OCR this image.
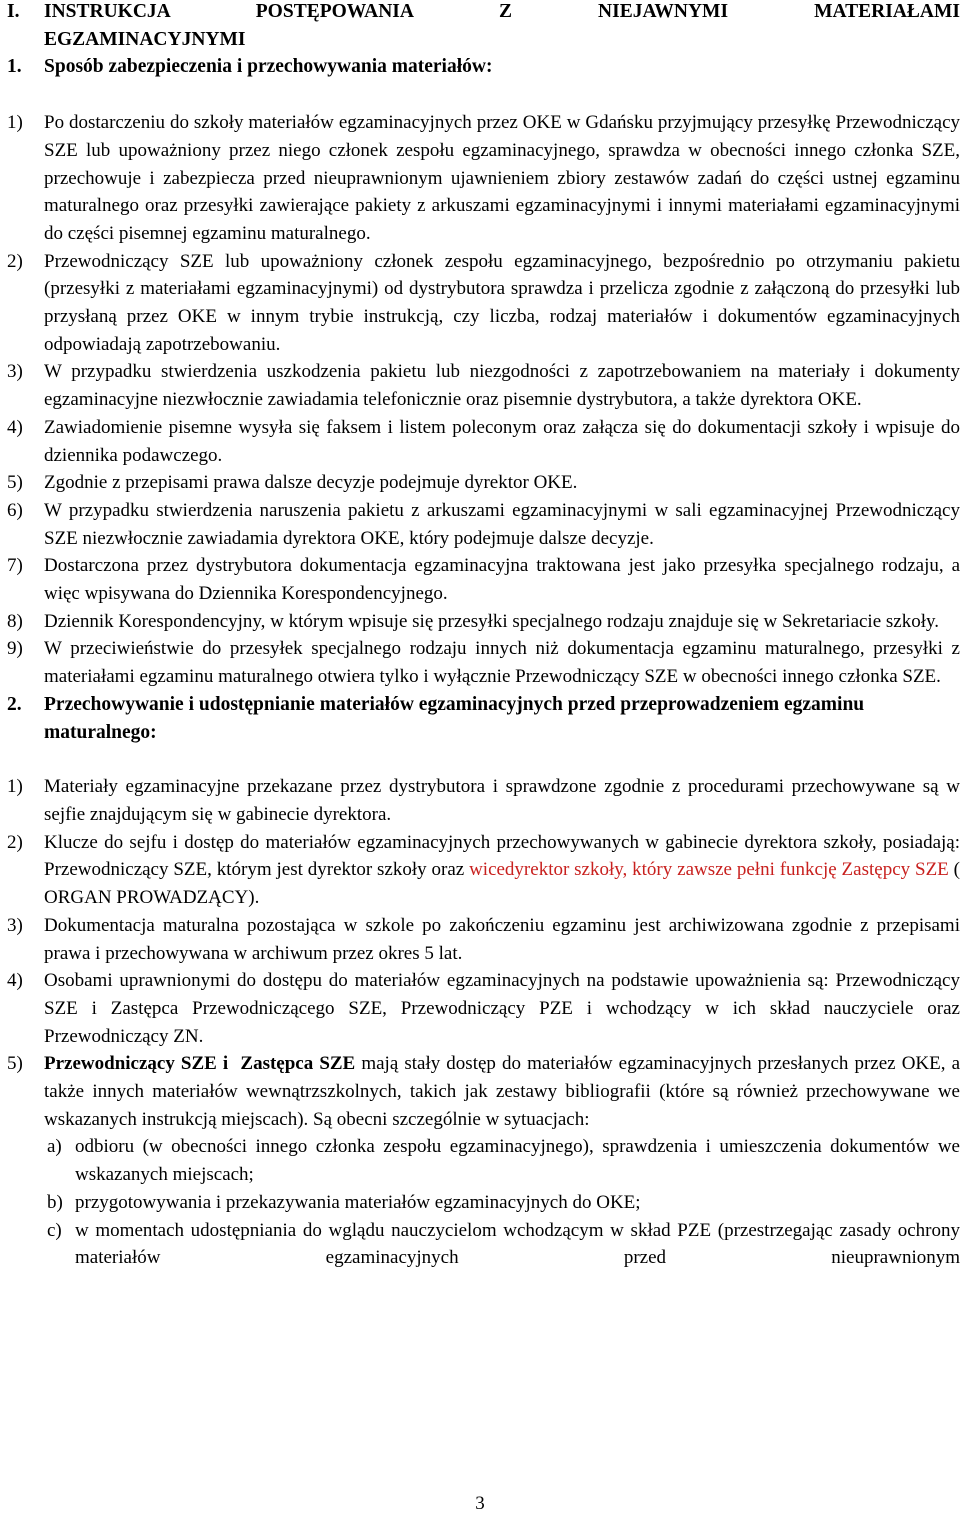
I. INSTRUKCJA POSTĘPOWANIA Z NIEJAWNYMI MATERIAŁAMI
EGZAMINACYJNYMI
1. Sposób zabezpieczenia i przechowywania materiałów:
1) Po dostarczeniu do szkoły materiałów egzaminacyjnych przez OKE w Gdańsku przyjmujący przesyłkę Przewodniczący SZE lub upoważniony przez niego członek zespołu egzaminacyjnego, sprawdza w obecności innego członka SZE, przechowuje i zabezpiecza przed nieuprawnionym ujawnieniem zbiory zestawów zadań do części ustnej egzaminu maturalnego oraz przesyłki zawierające pakiety z arkuszami egzaminacyjnymi i innymi materiałami egzaminacyjnymi do części pisemnej egzaminu maturalnego.
2) Przewodniczący SZE lub upoważniony członek zespołu egzaminacyjnego, bezpośrednio po otrzymaniu pakietu (przesyłki z materiałami egzaminacyjnymi) od dystrybutora sprawdza i przelicza zgodnie z załączoną do przesyłki lub przysłaną przez OKE w innym trybie instrukcją, czy liczba, rodzaj materiałów i dokumentów egzaminacyjnych odpowiadają zapotrzebowaniu.
3) W przypadku stwierdzenia uszkodzenia pakietu lub niezgodności z zapotrzebowaniem na materiały i dokumenty egzaminacyjne niezwłocznie zawiadamia telefonicznie oraz pisemnie dystrybutora, a także dyrektora OKE.
4) Zawiadomienie pisemne wysyła się faksem i listem poleconym oraz załącza się do dokumentacji szkoły i wpisuje do dziennika podawczego.
5) Zgodnie z przepisami prawa dalsze decyzje podejmuje dyrektor OKE.
6) W przypadku stwierdzenia naruszenia pakietu z arkuszami egzaminacyjnymi w sali egzaminacyjnej Przewodniczący SZE niezwłocznie zawiadamia dyrektora OKE, który podejmuje dalsze decyzje.
7) Dostarczona przez dystrybutora dokumentacja egzaminacyjna traktowana jest jako przesyłka specjalnego rodzaju, a więc wpisywana do Dziennika Korespondencyjnego.
8) Dziennik Korespondencyjny, w którym wpisuje się przesyłki specjalnego rodzaju znajduje się w Sekretariacie szkoły.
9) W przeciwieństwie do przesyłek specjalnego rodzaju innych niż dokumentacja egzaminu maturalnego, przesyłki z materiałami egzaminu maturalnego otwiera tylko i wyłącznie Przewodniczący SZE w obecności innego członka SZE.
2. Przechowywanie i udostępnianie materiałów egzaminacyjnych przed przeprowadzeniem egzaminu maturalnego:
1) Materiały egzaminacyjne przekazane przez dystrybutora i sprawdzone zgodnie z procedurami przechowywane są w sejfie znajdującym się w gabinecie dyrektora.
2) Klucze do sejfu i dostęp do materiałów egzaminacyjnych przechowywanych w gabinecie dyrektora szkoły, posiadają: Przewodniczący SZE, którym jest dyrektor szkoły oraz wicedyrektor szkoły, który zawsze pełni funkcję Zastępcy SZE ( ORGAN PROWADZĄCY).
3) Dokumentacja maturalna pozostająca w szkole po zakończeniu egzaminu jest archiwizowana zgodnie z przepisami prawa i przechowywana w archiwum przez okres 5 lat.
4) Osobami uprawnionymi do dostępu do materiałów egzaminacyjnych na podstawie upoważnienia są: Przewodniczący SZE i Zastępca Przewodniczącego SZE, Przewodniczący PZE i wchodzący w ich skład nauczyciele oraz Przewodniczący ZN.
5) Przewodniczący SZE i Zastępca SZE mają stały dostęp do materiałów egzaminacyjnych przesłanych przez OKE, a także innych materiałów wewnątrzszkolnych, takich jak zestawy bibliografii (które są również przechowywane we wskazanych instrukcją miejscach). Są obecni szczególnie w sytuacjach:
a) odbioru (w obecności innego członka zespołu egzaminacyjnego), sprawdzenia i umieszczenia dokumentów we wskazanych miejscach;
b) przygotowywania i przekazywania materiałów egzaminacyjnych do OKE;
c) w momentach udostępniania do wglądu nauczycielom wchodzącym w skład PZE (przestrzegając zasady ochrony materiałów egzaminacyjnych przed nieuprawnionym
3
